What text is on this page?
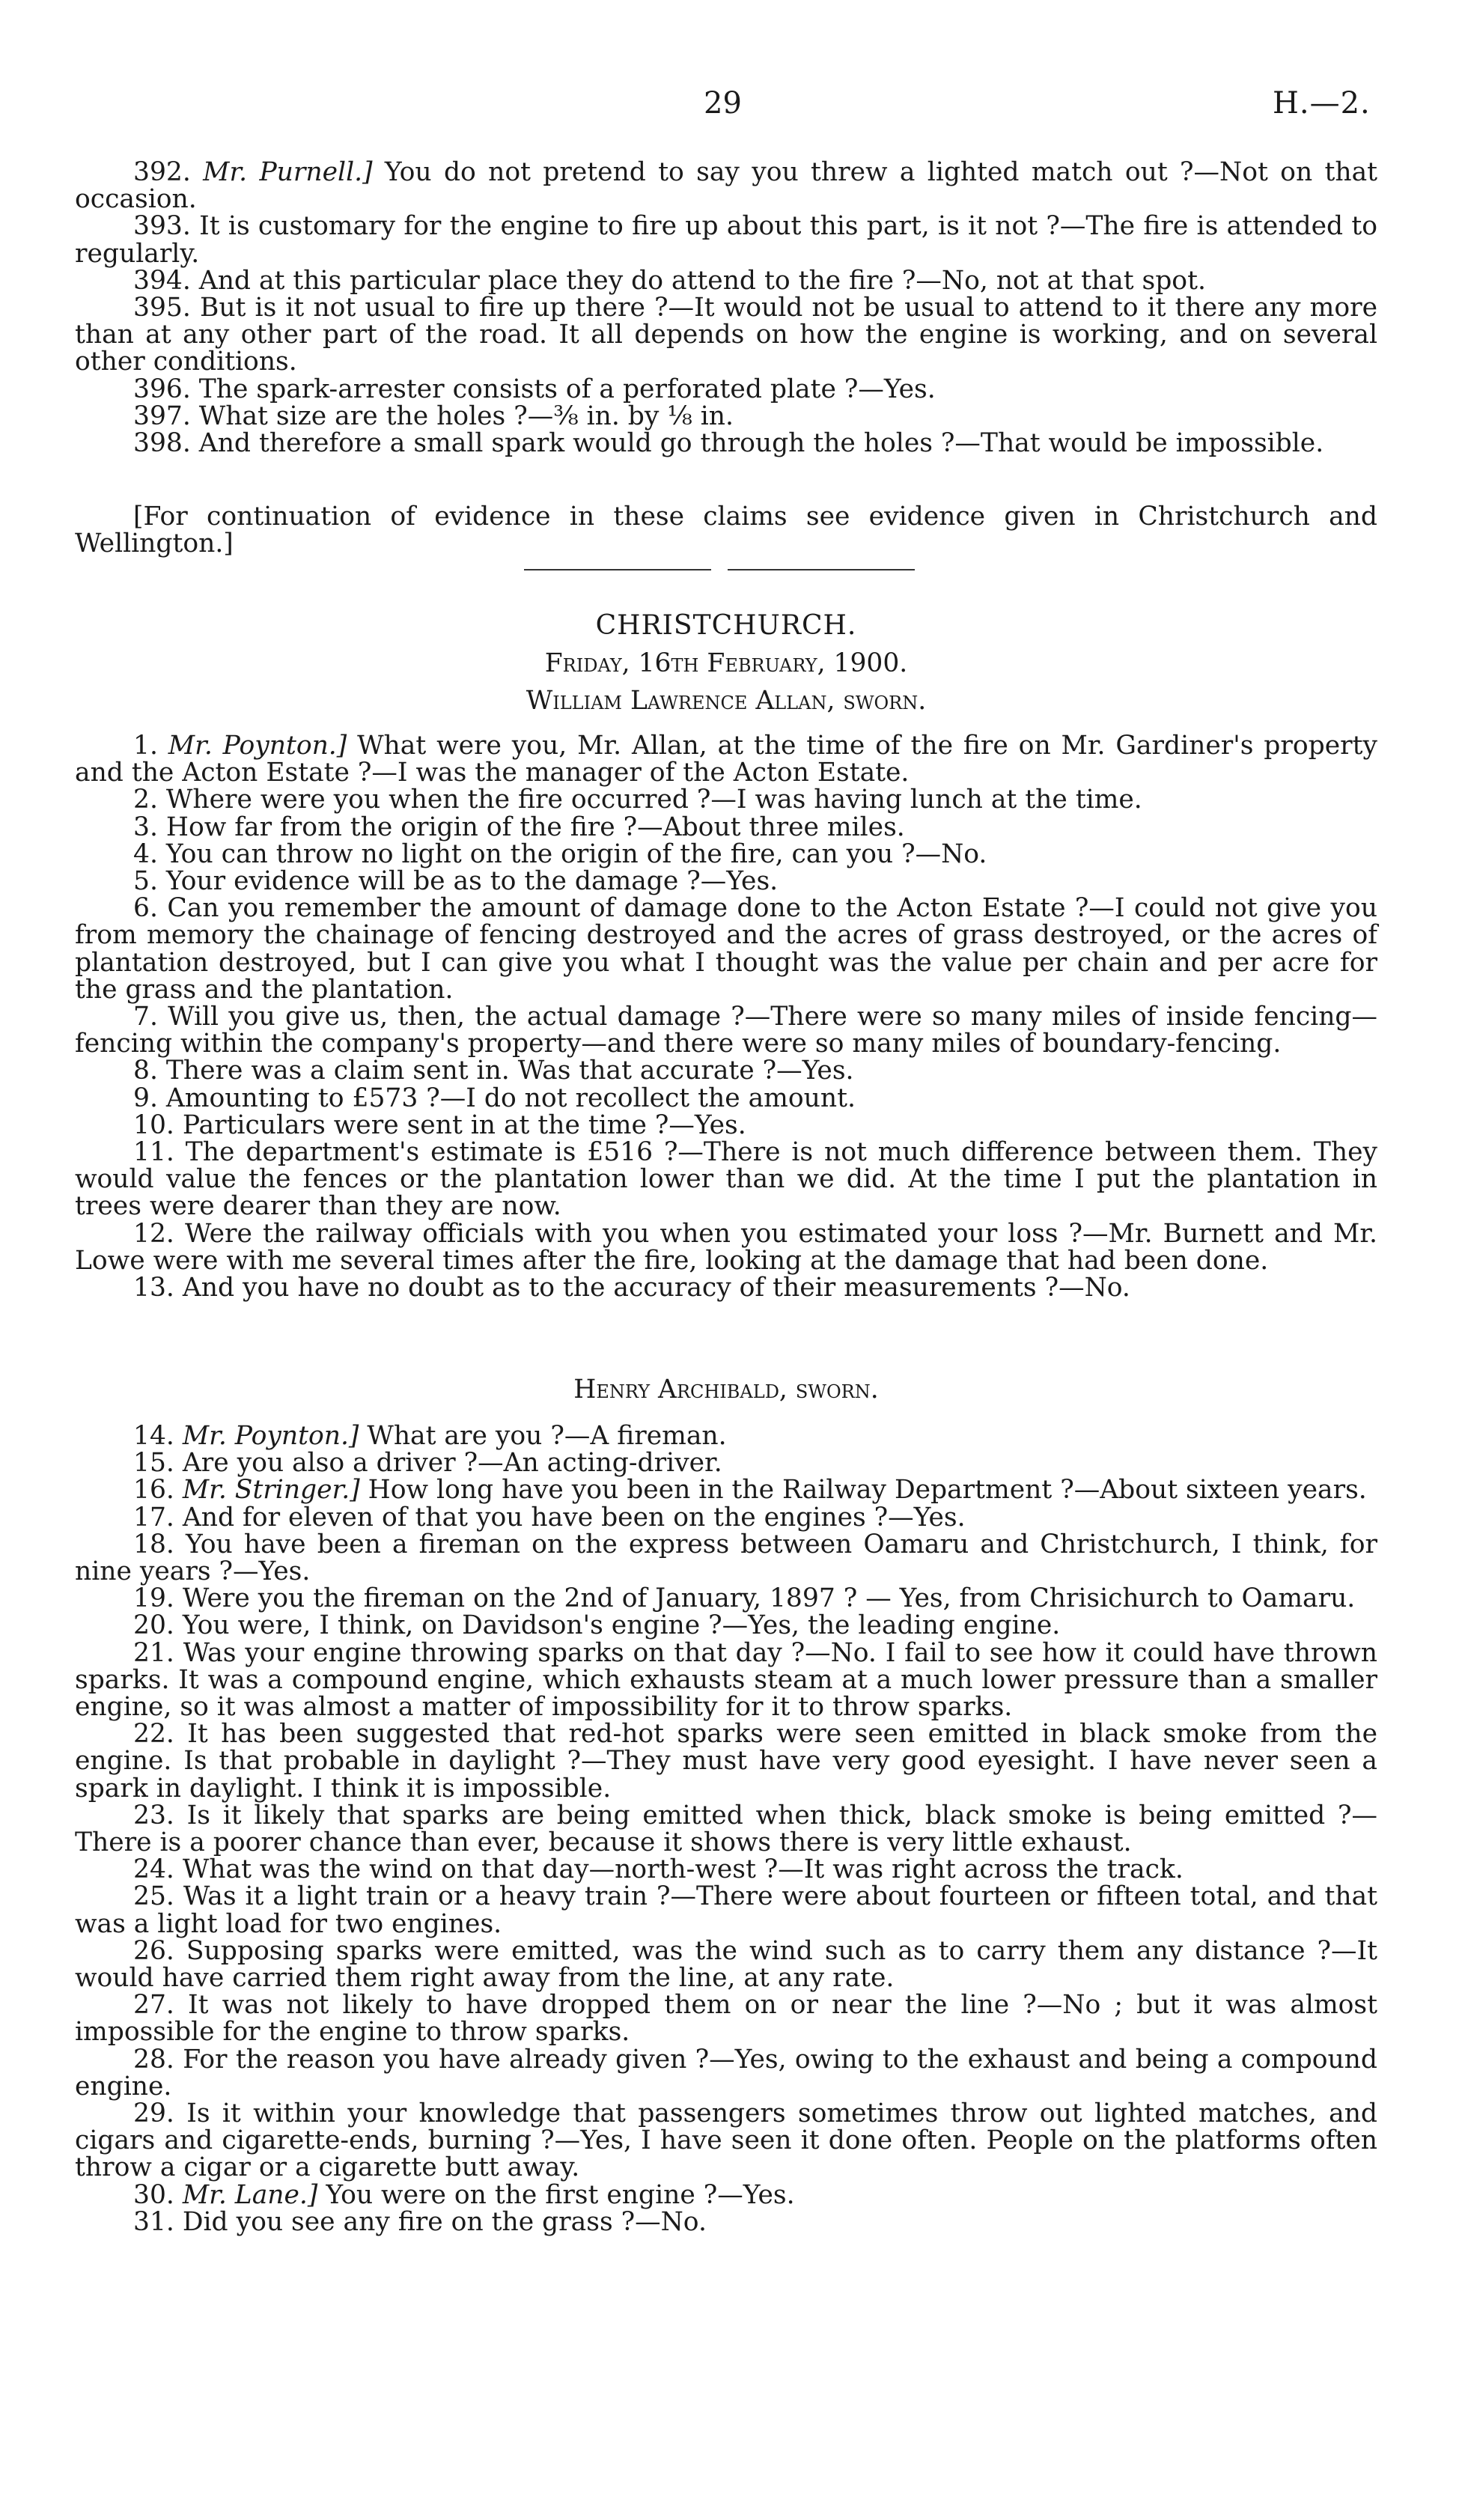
29	H.—2.

392. Mr. Purnell.] You do not pretend to say you threw a lighted match out ?—Not on that occasion.

393. It is customary for the engine to fire up about this part, is it not ?—The fire is attended to regularly.

394. And at this particular place they do attend to the fire ?—No, not at that spot.

395. But is it not usual to fire up there ?—It would not be usual to attend to it there any more than at any other part of the road. It all depends on how the engine is working, and on several other conditions.

396. The spark-arrester consists of a perforated plate ?—Yes.

397. What size are the holes ?—⅜ in. by ⅛ in.

398. And therefore a small spark would go through the holes ?—That would be impossible.

[For continuation of evidence in these claims see evidence given in Christchurch and Wellington.]

CHRISTCHURCH.

Friday, 16th February, 1900.

William Lawrence Allan, sworn.

1. Mr. Poynton.] What were you, Mr. Allan, at the time of the fire on Mr. Gardiner's property and the Acton Estate ?—I was the manager of the Acton Estate.

2. Where were you when the fire occurred ?—I was having lunch at the time.

3. How far from the origin of the fire ?—About three miles.

4. You can throw no light on the origin of the fire, can you ?—No.

5. Your evidence will be as to the damage ?—Yes.

6. Can you remember the amount of damage done to the Acton Estate ?—I could not give you from memory the chainage of fencing destroyed and the acres of grass destroyed, or the acres of plantation destroyed, but I can give you what I thought was the value per chain and per acre for the grass and the plantation.

7. Will you give us, then, the actual damage ?—There were so many miles of inside fencing—fencing within the company's property—and there were so many miles of boundary-fencing.

8. There was a claim sent in. Was that accurate ?—Yes.

9. Amounting to £573 ?—I do not recollect the amount.

10. Particulars were sent in at the time ?—Yes.

11. The department's estimate is £516 ?—There is not much difference between them. They would value the fences or the plantation lower than we did. At the time I put the plantation in trees were dearer than they are now.

12. Were the railway officials with you when you estimated your loss ?—Mr. Burnett and Mr. Lowe were with me several times after the fire, looking at the damage that had been done.

13. And you have no doubt as to the accuracy of their measurements ?—No.

Henry Archibald, sworn.

14. Mr. Poynton.] What are you ?—A fireman.

15. Are you also a driver ?—An acting-driver.

16. Mr. Stringer.] How long have you been in the Railway Department ?—About sixteen years.

17. And for eleven of that you have been on the engines ?—Yes.

18. You have been a fireman on the express between Oamaru and Christchurch, I think, for nine years ?—Yes.

19. Were you the fireman on the 2nd of January, 1897 ? — Yes, from Chrisichurch to Oamaru.

20. You were, I think, on Davidson's engine ?—Yes, the leading engine.

21. Was your engine throwing sparks on that day ?—No. I fail to see how it could have thrown sparks. It was a compound engine, which exhausts steam at a much lower pressure than a smaller engine, so it was almost a matter of impossibility for it to throw sparks.

22. It has been suggested that red-hot sparks were seen emitted in black smoke from the engine. Is that probable in daylight ?—They must have very good eyesight. I have never seen a spark in daylight. I think it is impossible.

23. Is it likely that sparks are being emitted when thick, black smoke is being emitted ?—There is a poorer chance than ever, because it shows there is very little exhaust.

24. What was the wind on that day—north-west ?—It was right across the track.

25. Was it a light train or a heavy train ?—There were about fourteen or fifteen total, and that was a light load for two engines.

26. Supposing sparks were emitted, was the wind such as to carry them any distance ?—It would have carried them right away from the line, at any rate.

27. It was not likely to have dropped them on or near the line ?—No ; but it was almost impossible for the engine to throw sparks.

28. For the reason you have already given ?—Yes, owing to the exhaust and being a compound engine.

29. Is it within your knowledge that passengers sometimes throw out lighted matches, and cigars and cigarette-ends, burning ?—Yes, I have seen it done often. People on the platforms often throw a cigar or a cigarette butt away.

30. Mr. Lane.] You were on the first engine ?—Yes.

31. Did you see any fire on the grass ?—No.
